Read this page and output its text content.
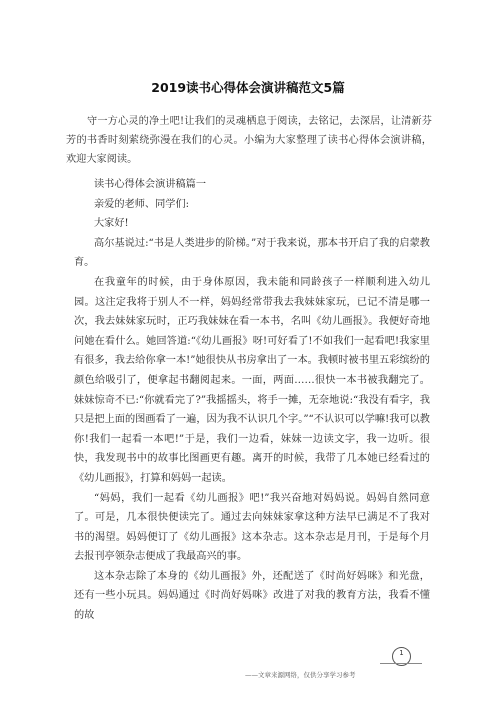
2019读书心得体会演讲稿范文5篇
守一方心灵的净土吧!让我们的灵魂栖息于阅读，去铭记，去深居，让清新芬芳的书香时刻萦绕弥漫在我们的心灵。小编为大家整理了读书心得体会演讲稿，欢迎大家阅读。

读书心得体会演讲稿篇一

亲爱的老师、同学们:

大家好!

高尔基说过:“书是人类进步的阶梯。”对于我来说，那本书开启了我的启蒙教育。

在我童年的时候，由于身体原因，我未能和同龄孩子一样顺利进入幼儿园。这注定我将于别人不一样，妈妈经常带我去我妹妹家玩，已记不清是哪一次，我去妹妹家玩时，正巧我妹妹在看一本书，名叫《幼儿画报》。我便好奇地问她在看什么。她回答道:“《幼儿画报》呀!可好看了!不如我们一起看吧!我家里有很多，我去给你拿一本!”她很快从书房拿出了一本。我顿时被书里五彩缤纷的颜色给吸引了，便拿起书翻阅起来。一面，两面……很快一本书被我翻完了。妹妹惊奇不已:“你就看完了?”我摇摇头，将手一摊，无奈地说:“我没有看字，我只是把上面的图画看了一遍，因为我不认识几个字。”“不认识可以学嘛!我可以教你!我们一起看一本吧!”于是，我们一边看，妹妹一边读文字，我一边听。很快，我发现书中的故事比图画更有趣。离开的时候，我带了几本她已经看过的《幼儿画报》，打算和妈妈一起读。

“妈妈，我们一起看《幼儿画报》吧!”我兴奋地对妈妈说。妈妈自然同意了。可是，几本很快便读完了。通过去向妹妹家拿这种方法早已满足不了我对书的渴望。妈妈便订了《幼儿画报》这本杂志。这本杂志是月刊，于是每个月去报刊亭领杂志便成了我最高兴的事。

这本杂志除了本身的《幼儿画报》外，还配送了《时尚好妈咪》和光盘，还有一些小玩具。妈妈通过《时尚好妈咪》改进了对我的教育方法，我看不懂的故

1
——文章来源网络，仅供分享学习参考
